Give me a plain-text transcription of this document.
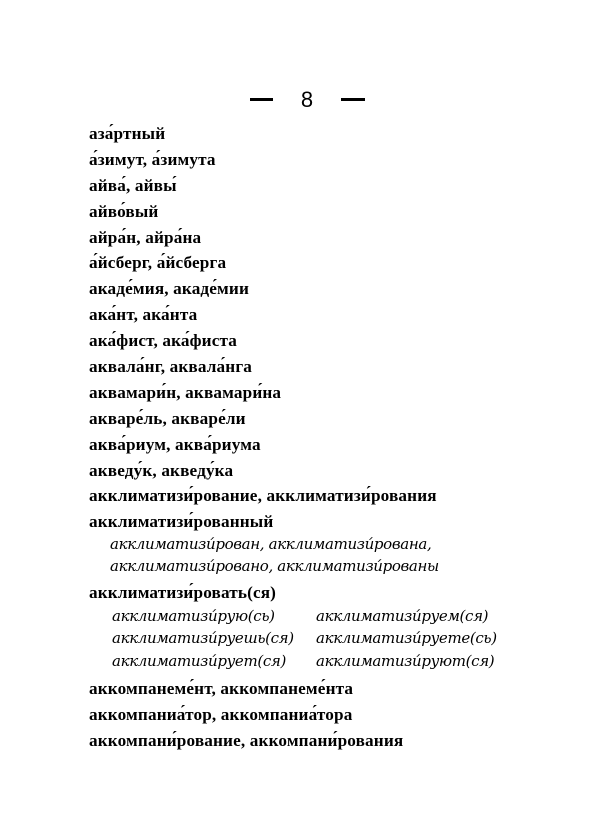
8
аза́ртный
а́зимут, а́зимута
айва́, айвы́
айво́вый
айра́н, айра́на
а́йсберг, а́йсберга
акаде́мия, акаде́мии
ака́нт, ака́нта
ака́фист, ака́фиста
аквала́нг, аквала́нга
аквамари́н, аквамари́на
акваре́ль, акваре́ли
аква́риум, аква́риума
акведу́к, акведу́ка
акклиматизи́рование, акклиматизи́рования
акклиматизи́рованный
акклиматизи́рован, акклиматизи́рована,
акклиматизи́ровано, акклиматизи́рованы
акклиматизи́ровать(ся)
акклиматизи́рую(сь)	акклиматизи́руем(ся)
акклиматизи́руешь(ся)	акклиматизи́руете(сь)
акклиматизи́рует(ся)	акклиматизи́руют(ся)
аккомпанеме́нт, аккомпанеме́нта
аккомпаниа́тор, аккомпаниа́тора
аккомпани́рование, аккомпани́рования
